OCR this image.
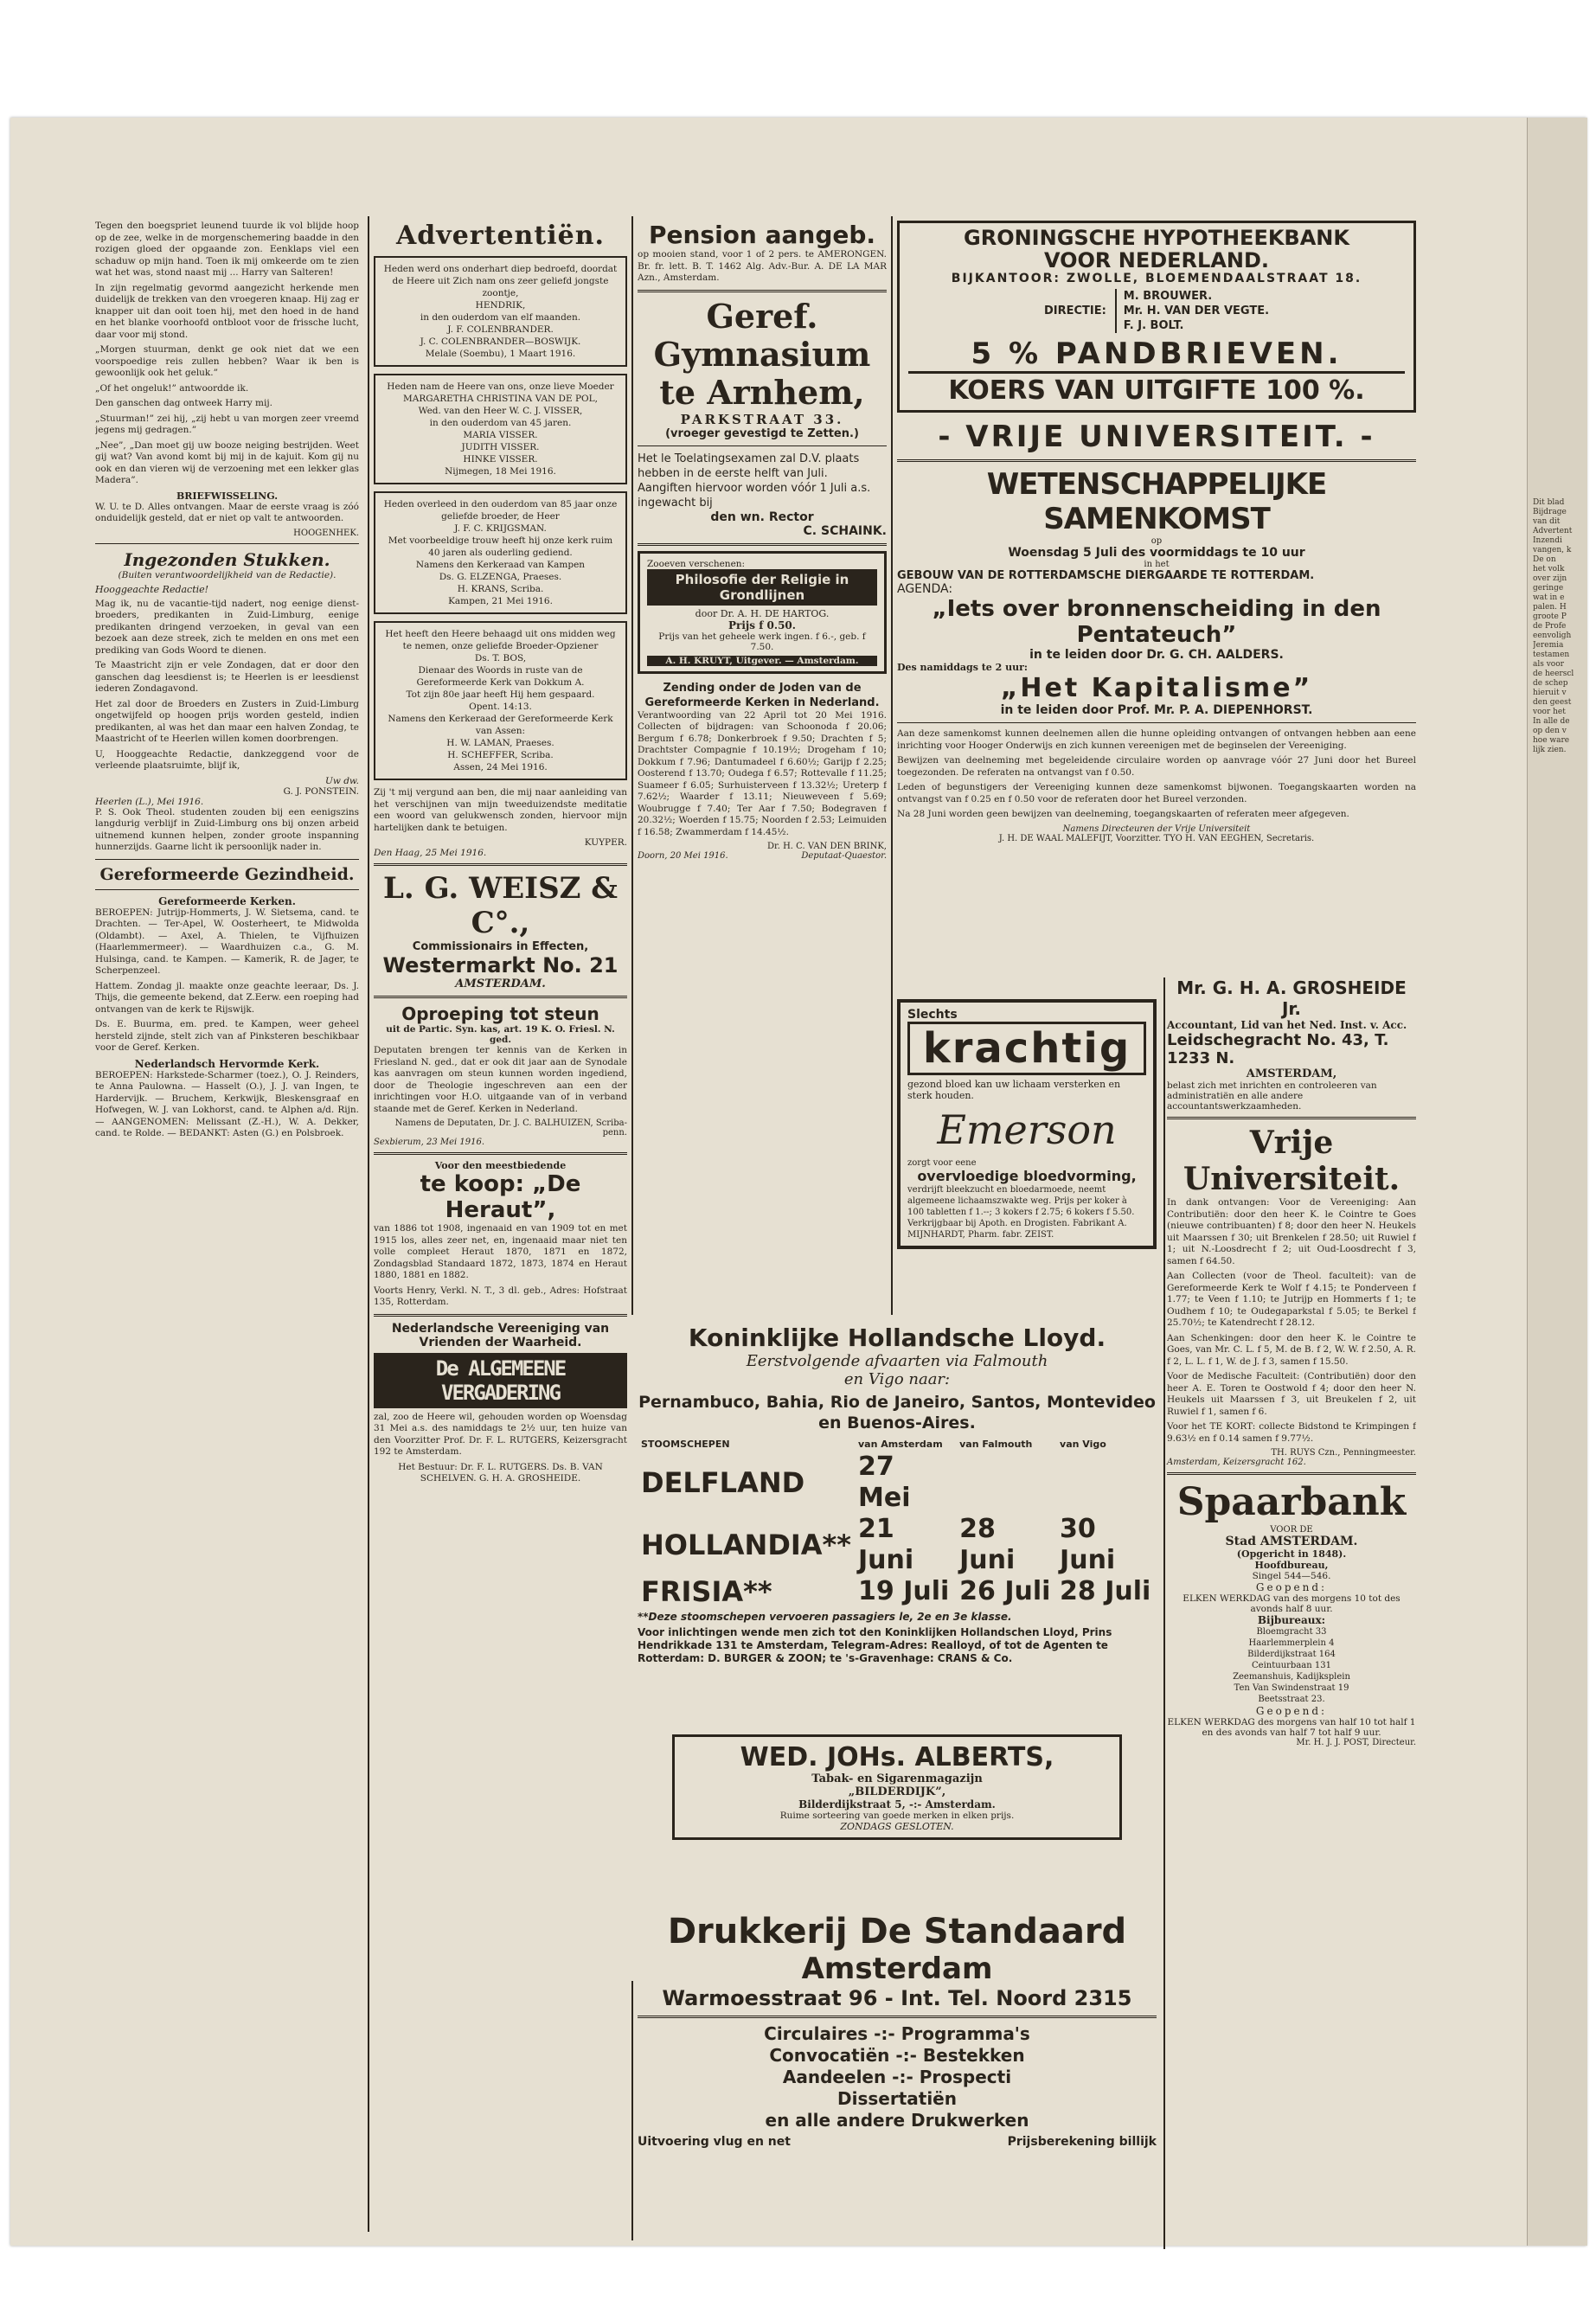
Dit blad
Bijdrage
van dit
Advertent
Inzendi
vangen, k
De on
het volk
over zijn
geringe
wat in e
palen. H
groote P
de Profe
eenvoligh
Jeremia
testamen
als voor
de heerscl
de schep
hieruit v
den geest
voor het
In alle de
op den v
hoe ware
lijk zien.

Tegen den boegspriet leunend tuurde ik vol blijde hoop op de zee, welke in de morgenschemering baadde in den rozigen gloed der opgaande zon. Eenklaps viel een schaduw op mijn hand. Toen ik mij omkeerde om te zien wat het was, stond naast mij ... Harry van Salteren!

In zijn regelmatig gevormd aangezicht herkende men duidelijk de trekken van den vroegeren knaap. Hij zag er knapper uit dan ooit toen hij, met den hoed in de hand en het blanke voorhoofd ontbloot voor de frissche lucht, daar voor mij stond.

„Morgen stuurman, denkt ge ook niet dat we een voorspoedige reis zullen hebben? Waar ik ben is gewoonlijk ook het geluk.”

„Of het ongeluk!” antwoordde ik.

Den ganschen dag ontweek Harry mij.

„Stuurman!” zei hij, „zij hebt u van morgen zeer vreemd jegens mij gedragen.”

„Nee”, „Dan moet gij uw booze neiging bestrijden. Weet gij wat? Van avond komt bij mij in de kajuit. Kom gij nu ook en dan vieren wij de verzoening met een lekker glas Madera”.

BRIEFWISSELING.

W. U. te D. Alles ontvangen. Maar de eerste vraag is zóó onduidelijk gesteld, dat er niet op valt te antwoorden.

HOOGENHEK.
Ingezonden Stukken.
(Buiten verantwoordelijkheid van de Redactie).
Hooggeachte Redactie!

Mag ik, nu de vacantie-tijd nadert, nog eenige dienst-broeders, predikanten in Zuid-Limburg, eenige predikanten dringend verzoeken, in geval van een bezoek aan deze streek, zich te melden en ons met een prediking van Gods Woord te dienen.

Te Maastricht zijn er vele Zondagen, dat er door den ganschen dag leesdienst is; te Heerlen is er leesdienst iederen Zondagavond.

Het zal door de Broeders en Zusters in Zuid-Limburg ongetwijfeld op hoogen prijs worden gesteld, indien predikanten, al was het dan maar een halven Zondag, te Maastricht of te Heerlen willen komen doorbrengen.

U, Hooggeachte Redactie, dankzeggend voor de verleende plaatsruimte, blijf ik,

Uw dw.
G. J. PONSTEIN.
Heerlen (L.), Mei 1916.

P. S. Ook Theol. studenten zouden bij een eenigszins langdurig verblijf in Zuid-Limburg ons bij onzen arbeid uitnemend kunnen helpen, zonder groote inspanning hunnerzijds. Gaarne licht ik persoonlijk nader in.

Gereformeerde Gezindheid.
Gereformeerde Kerken.

BEROEPEN: Jutrijp-Hommerts, J. W. Sietsema, cand. te Drachten. — Ter-Apel, W. Oosterheert, te Midwolda (Oldambt). — Axel, A. Thielen, te Vijfhuizen (Haarlemmermeer). — Waardhuizen c.a., G. M. Hulsinga, cand. te Kampen. — Kamerik, R. de Jager, te Scherpenzeel.

Hattem. Zondag jl. maakte onze geachte leeraar, Ds. J. Thijs, die gemeente bekend, dat Z.Eerw. een roeping had ontvangen van de kerk te Rijswijk.

Ds. E. Buurma, em. pred. te Kampen, weer geheel hersteld zijnde, stelt zich van af Pinksteren beschikbaar voor de Geref. Kerken.

Nederlandsch Hervormde Kerk.

BEROEPEN: Harkstede-Scharmer (toez.), O. J. Reinders, te Anna Paulowna. — Hasselt (O.), J. J. van Ingen, te Hardervijk. — Bruchem, Kerkwijk, Bleskensgraaf en Hofwegen, W. J. van Lokhorst, cand. te Alphen a/d. Rijn. — AANGENOMEN: Melissant (Z.-H.), W. A. Dekker, cand. te Rolde. — BEDANKT: Asten (G.) en Polsbroek.

Advertentiën.
Heden werd ons onderhart diep bedroefd, doordat de Heere uit Zich nam ons zeer geliefd jongste zoontje,
HENDRIK,
in den ouderdom van elf maanden.
J. F. COLENBRANDER.
J. C. COLENBRANDER—BOSWIJK.
Melale (Soembu), 1 Maart 1916.
Heden nam de Heere van ons, onze lieve Moeder
MARGARETHA CHRISTINA VAN DE POL,
Wed. van den Heer W. C. J. VISSER,
in den ouderdom van 45 jaren.
MARIA VISSER.
JUDITH VISSER.
HINKE VISSER.
Nijmegen, 18 Mei 1916.
Heden overleed in den ouderdom van 85 jaar onze geliefde broeder, de Heer
J. F. C. KRIJGSMAN.
Met voorbeeldige trouw heeft hij onze kerk ruim 40 jaren als ouderling gediend.
Namens den Kerkeraad van Kampen
Ds. G. ELZENGA, Praeses.
H. KRANS, Scriba.
Kampen, 21 Mei 1916.
Het heeft den Heere behaagd uit ons midden weg te nemen, onze geliefde Broeder-Opziener
Ds. T. BOS,
Dienaar des Woords in ruste van de Gereformeerde Kerk van Dokkum A.
Tot zijn 80e jaar heeft Hij hem gespaard.
Opent. 14:13.
Namens den Kerkeraad der Gereformeerde Kerk van Assen:
H. W. LAMAN, Praeses.
H. SCHEFFER, Scriba.
Assen, 24 Mei 1916.

Zij 't mij vergund aan ben, die mij naar aanleiding van het verschijnen van mijn tweeduizendste meditatie een woord van gelukwensch zonden, hiervoor mijn hartelijken dank te betuigen.

KUYPER.
Den Haag, 25 Mei 1916.
L. G. WEISZ & C°.,
Commissionairs in Effecten,
Westermarkt No. 21
AMSTERDAM.
Oproeping tot steun
uit de Partic. Syn. kas, art. 19 K. O. Friesl. N. ged.

Deputaten brengen ter kennis van de Kerken in Friesland N. ged., dat er ook dit jaar aan de Synodale kas aanvragen om steun kunnen worden ingediend, door de Theologie ingeschreven aan een der inrichtingen voor H.O. uitgaande van of in verband staande met de Geref. Kerken in Nederland.

Namens de Deputaten, Dr. J. C. BALHUIZEN, Scriba-penn.
Sexbierum, 23 Mei 1916.
Voor den meestbiedende
te koop: „De Heraut”,

van 1886 tot 1908, ingenaaid en van 1909 tot en met 1915 los, alles zeer net, en, ingenaaid maar niet ten volle compleet Heraut 1870, 1871 en 1872, Zondagsblad Standaard 1872, 1873, 1874 en Heraut 1880, 1881 en 1882.

Voorts Henry, Verkl. N. T., 3 dl. geb., Adres: Hofstraat 135, Rotterdam.

Nederlandsche Vereeniging van Vrienden der Waarheid.
De ALGEMEENE VERGADERING

zal, zoo de Heere wil, gehouden worden op Woensdag 31 Mei a.s. des namiddags te 2½ uur, ten huize van den Voorzitter Prof. Dr. F. L. RUTGERS, Keizersgracht 192 te Amsterdam.

Het Bestuur: Dr. F. L. RUTGERS. Ds. B. VAN SCHELVEN. G. H. A. GROSHEIDE.

Pension aangeb.

op mooien stand, voor 1 of 2 pers. te AMERONGEN. Br. fr. lett. B. T. 1462 Alg. Adv.-Bur. A. DE LA MAR Azn., Amsterdam.

Geref. Gymnasium
te Arnhem,
PARKSTRAAT 33.
(vroeger gevestigd te Zetten.)
Het le Toelatingsexamen zal D.V. plaats hebben in de eerste helft van Juli.
Aangiften hiervoor worden vóór 1 Juli a.s. ingewacht bij
den wn. Rector
C. SCHAINK.
Zooeven verschenen:
Philosofie der Religie in Grondlijnen
door Dr. A. H. DE HARTOG.
Prijs f 0.50.
Prijs van het geheele werk ingen. f 6.-, geb. f 7.50.
A. H. KRUYT, Uitgever. — Amsterdam.
Zending onder de Joden van de Gereformeerde Kerken in Nederland.

Verantwoording van 22 April tot 20 Mei 1916. Collecten of bijdragen: van Schoonoda f 20.06; Bergum f 6.78; Donkerbroek f 9.50; Drachten f 5; Drachtster Compagnie f 10.19½; Drogeham f 10; Dokkum f 7.96; Dantumadeel f 6.60½; Garijp f 2.25; Oosterend f 13.70; Oudega f 6.57; Rottevalle f 11.25; Suameer f 6.05; Surhuisterveen f 13.32½; Ureterp f 7.62½; Waarder f 13.11; Nieuweveen f 5.69; Woubrugge f 7.40; Ter Aar f 7.50; Bodegraven f 20.32½; Woerden f 15.75; Noorden f 2.53; Leimuiden f 16.58; Zwammerdam f 14.45½.

Dr. H. C. VAN DEN BRINK,
Doorn, 20 Mei 1916.	Deputaat-Quaestor.
GRONINGSCHE HYPOTHEEKBANK
VOOR NEDERLAND.
BIJKANTOOR: ZWOLLE, BLOEMENDAALSTRAAT 18.
DIRECTIE:
M. BROUWER.
Mr. H. VAN DER VEGTE.
F. J. BOLT.
5 % PANDBRIEVEN.
KOERS VAN UITGIFTE 100 %.
- VRIJE UNIVERSITEIT. -
WETENSCHAPPELIJKE SAMENKOMST
op
Woensdag 5 Juli des voormiddags te 10 uur
in het
GEBOUW VAN DE ROTTERDAMSCHE DIERGAARDE TE ROTTERDAM.
AGENDA:
„Iets over bronnenscheiding in den Pentateuch”
in te leiden door Dr. G. CH. AALDERS.
Des namiddags te 2 uur:
„Het Kapitalisme”
in te leiden door Prof. Mr. P. A. DIEPENHORST.

Aan deze samenkomst kunnen deelnemen allen die hunne opleiding ontvangen of ontvangen hebben aan eene inrichting voor Hooger Onderwijs en zich kunnen vereenigen met de beginselen der Vereeniging.

Bewijzen van deelneming met begeleidende circulaire worden op aanvrage vóór 27 Juni door het Bureel toegezonden. De referaten na ontvangst van f 0.50.

Leden of begunstigers der Vereeniging kunnen deze samenkomst bijwonen. Toegangskaarten worden na ontvangst van f 0.25 en f 0.50 voor de referaten door het Bureel verzonden.

Na 28 Juni worden geen bewijzen van deelneming, toegangskaarten of referaten meer afgegeven.

Namens Directeuren der Vrije Universiteit
J. H. DE WAAL MALEFIJT, Voorzitter. TYO H. VAN EEGHEN, Secretaris.
Slechts
krachtig
gezond bloed kan uw lichaam versterken en sterk houden.
Emerson
zorgt voor eene
overvloedige bloedvorming,
verdrijft bleekzucht en bloedarmoede, neemt algemeene lichaamszwakte weg. Prijs per koker à 100 tabletten f 1.--; 3 kokers f 2.75; 6 kokers f 5.50. Verkrijgbaar bij Apoth. en Drogisten. Fabrikant A. MIJNHARDT, Pharm. fabr. ZEIST.
Mr. G. H. A. GROSHEIDE Jr.
Accountant, Lid van het Ned. Inst. v. Acc.
Leidschegracht No. 43, T. 1233 N.
AMSTERDAM,
belast zich met inrichten en controleeren van administratiën en alle andere accountantswerkzaamheden.
Vrije Universiteit.

In dank ontvangen: Voor de Vereeniging: Aan Contributiën: door den heer K. le Cointre te Goes (nieuwe contribuanten) f 8; door den heer N. Heukels uit Maarssen f 30; uit Brenkelen f 28.50; uit Ruwiel f 1; uit N.-Loosdrecht f 2; uit Oud-Loosdrecht f 3, samen f 64.50.

Aan Collecten (voor de Theol. faculteit): van de Gereformeerde Kerk te Wolf f 4.15; te Ponderveen f 1.77; te Veen f 1.10; te Jutrijp en Hommerts f 1; te Oudhem f 10; te Oudegaparkstal f 5.05; te Berkel f 25.70½; te Katendrecht f 28.12.

Aan Schenkingen: door den heer K. le Cointre te Goes, van Mr. C. L. f 5, M. de B. f 2, W. W. f 2.50, A. R. f 2, L. L. f 1, W. de J. f 3, samen f 15.50.

Voor de Medische Faculteit: (Contributiën) door den heer A. E. Toren te Oostwold f 4; door den heer N. Heukels uit Maarssen f 3, uit Breukelen f 2, uit Ruwiel f 1, samen f 6.

Voor het TE KORT: collecte Bidstond te Krimpingen f 9.63½ en f 0.14 samen f 9.77½.

TH. RUYS Czn., Penningmeester.
Amsterdam, Keizersgracht 162.
Spaarbank
VOOR DE
Stad AMSTERDAM.
(Opgericht in 1848).
Hoofdbureau,
Singel 544—546.
Geopend:
ELKEN WERKDAG van des morgens 10 tot des avonds half 8 uur.
Bijbureaux:
Bloemgracht 33
Haarlemmerplein 4
Bilderdijkstraat 164
Ceintuurbaan 131
Zeemanshuis, Kadijksplein
Ten Van Swindenstraat 19
Beetsstraat 23.
Geopend:
ELKEN WERKDAG des morgens van half 10 tot half 1 en des avonds van half 7 tot half 9 uur.
Mr. H. J. J. POST, Directeur.
Koninklijke Hollandsche Lloyd.
Eerstvolgende afvaarten via Falmouth
en Vigo naar:
Pernambuco, Bahia, Rio de Janeiro, Santos, Montevideo en Buenos-Aires.
STOOMSCHEPEN	van Amsterdam	van Falmouth	van Vigo
DELFLAND	27 Mei		
HOLLANDIA**	21 Juni	28 Juni	30 Juni
FRISIA**	19 Juli	26 Juli	28 Juli
**Deze stoomschepen vervoeren passagiers le, 2e en 3e klasse.
Voor inlichtingen wende men zich tot den Koninklijken Hollandschen Lloyd, Prins Hendrikkade 131 te Amsterdam, Telegram-Adres: Realloyd, of tot de Agenten te Rotterdam: D. BURGER & ZOON; te 's-Gravenhage: CRANS & Co.
WED. JOHs. ALBERTS,
Tabak- en Sigarenmagazijn
„BILDERDIJK”,
Bilderdijkstraat 5, -:- Amsterdam.
Ruime sorteering van goede merken in elken prijs.
ZONDAGS GESLOTEN.
Drukkerij De Standaard
Amsterdam
Warmoesstraat 96 - Int. Tel. Noord 2315
Circulaires -:- Programma's
Convocatiën -:- Bestekken
Aandeelen -:- Prospecti
Dissertatiën
en alle andere Drukwerken
Uitvoering vlug en net	Prijsberekening billijk
